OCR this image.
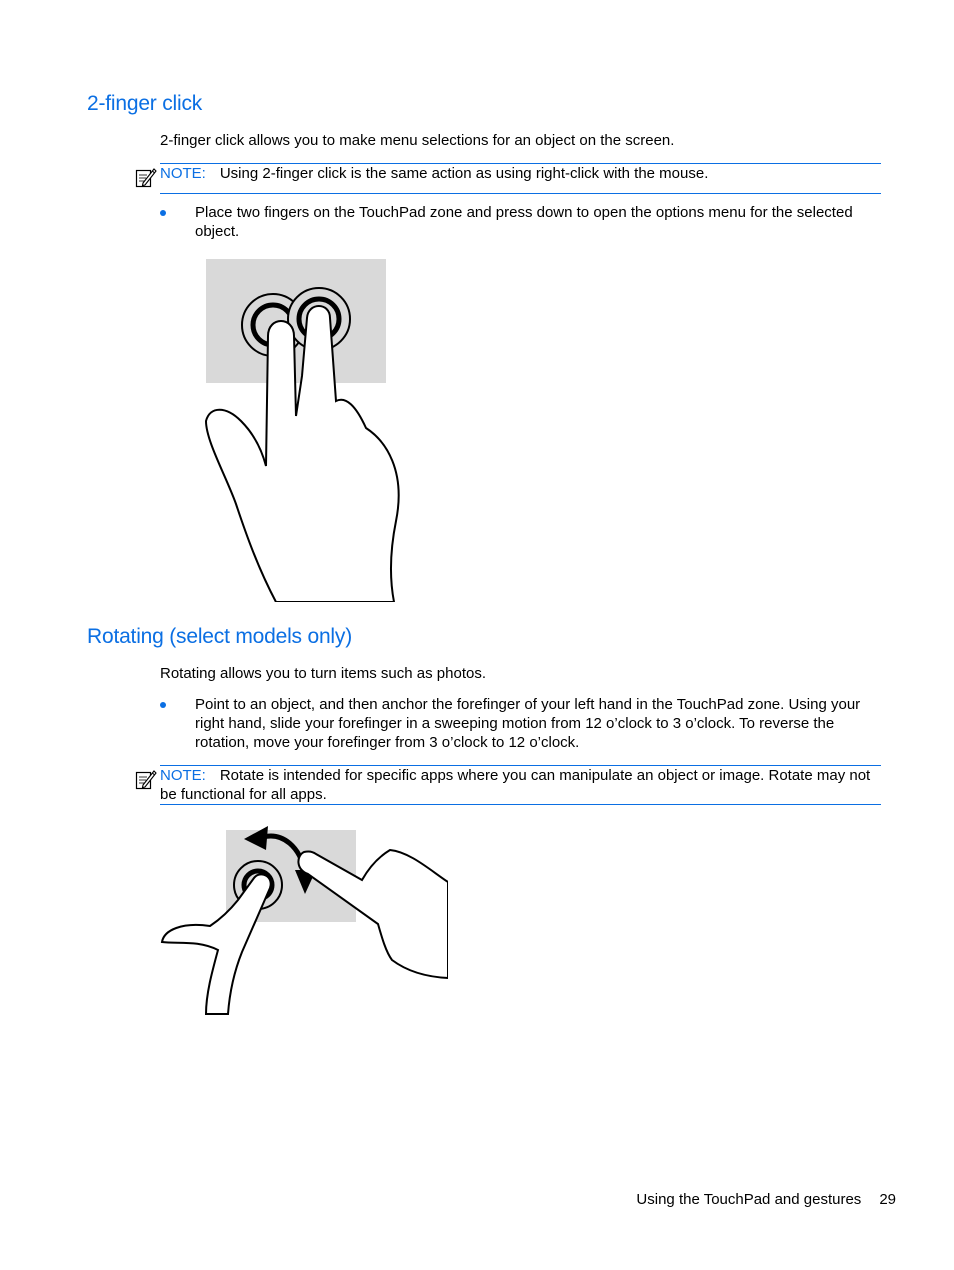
2-finger click

2-finger click allows you to make menu selections for an object on the screen.

NOTE: Using 2-finger click is the same action as using right-click with the mouse.
Place two fingers on the TouchPad zone and press down to open the options menu for the selected object.
Rotating (select models only)

Rotating allows you to turn items such as photos.

Point to an object, and then anchor the forefinger of your left hand in the TouchPad zone. Using your right hand, slide your forefinger in a sweeping motion from 12 o’clock to 3 o’clock. To reverse the rotation, move your forefinger from 3 o’clock to 12 o’clock.
NOTE: Rotate is intended for specific apps where you can manipulate an object or image. Rotate may not be functional for all apps.
Using the TouchPad and gestures 29
